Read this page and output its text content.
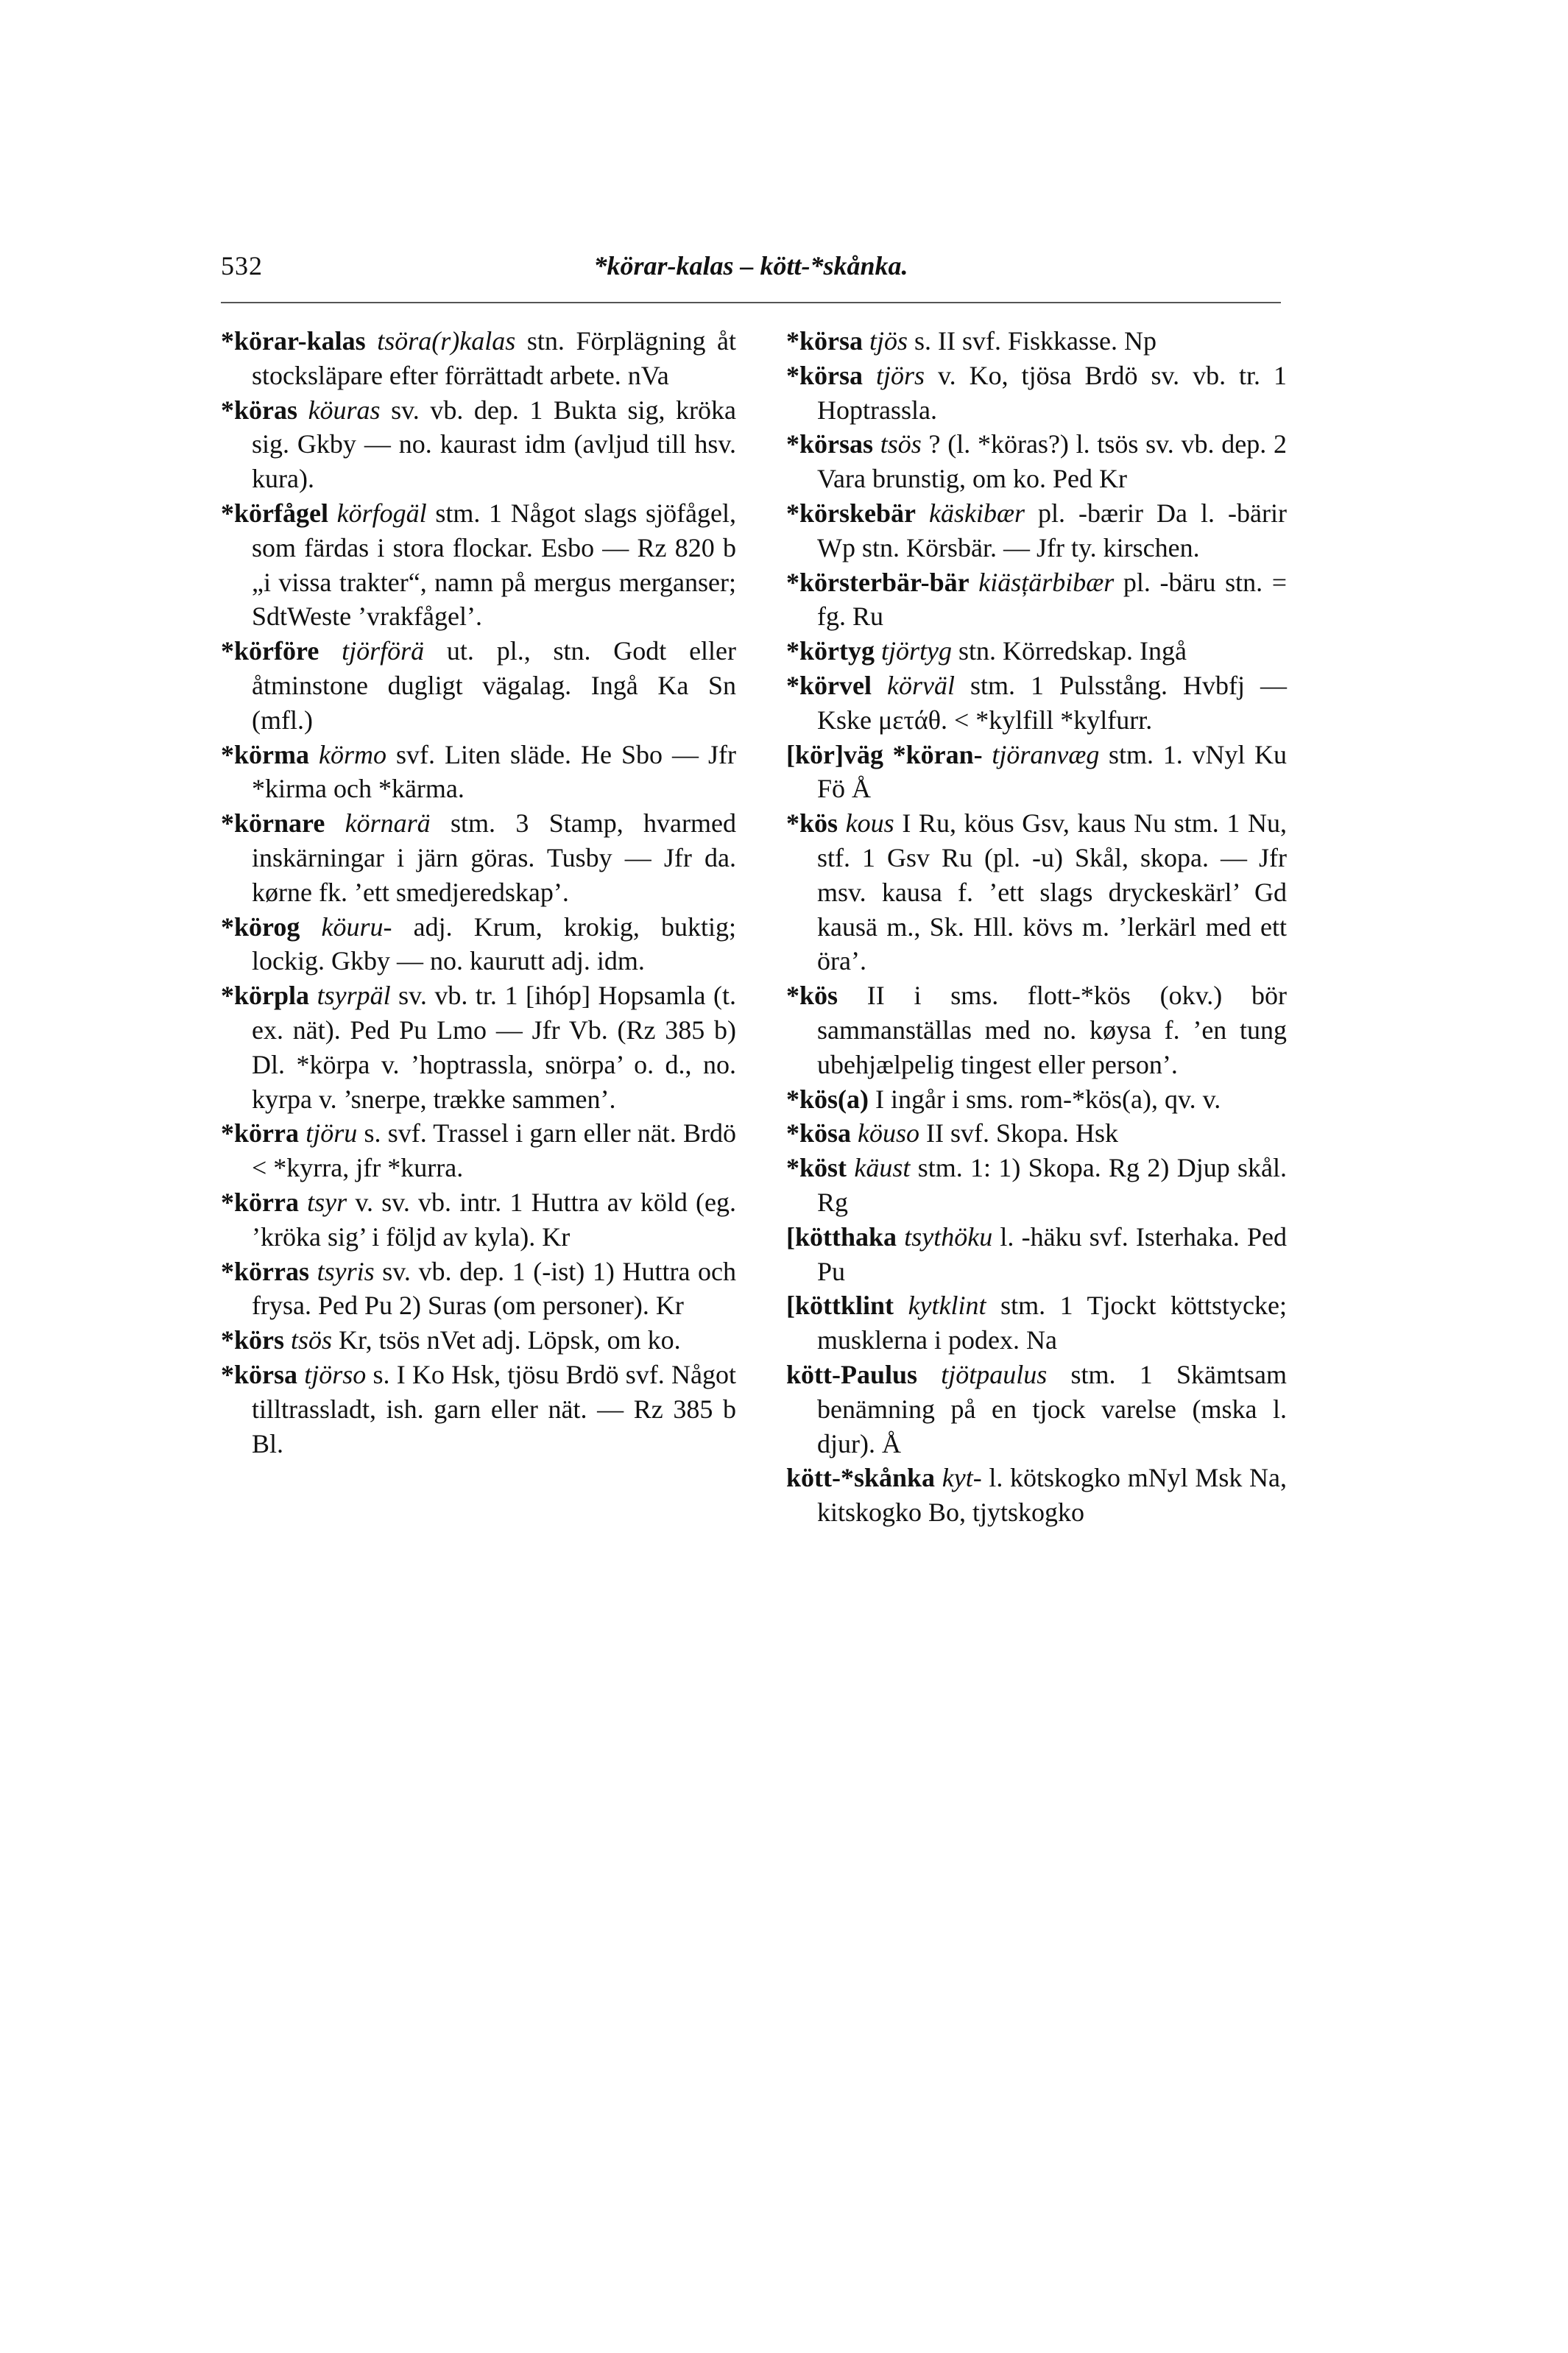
532	*körar-kalas – kött-*skånka.

*körar-kalas tsöra(r)kalas stn. Förplägning åt stocksläpare efter förrättadt arbete. nVa

*köras köuras sv. vb. dep. 1 Bukta sig, kröka sig. Gkby — no. kaurast idm (avljud till hsv. kura).

*körfågel körfogäl stm. 1 Något slags sjöfågel, som färdas i stora flockar. Esbo — Rz 820 b „i vissa trakter“, namn på mergus merganser; SdtWeste ’vrakfågel’.

*körföre tjörförä ut. pl., stn. Godt eller åtminstone dugligt vägalag. Ingå Ka Sn (mfl.)

*körma körmo svf. Liten släde. He Sbo — Jfr *kirma och *kärma.

*körnare körnarä stm. 3 Stamp, hvarmed inskärningar i järn göras. Tusby — Jfr da. kørne fk. ’ett smedjeredskap’.

*körog köuru- adj. Krum, krokig, buktig; lockig. Gkby — no. kaurutt adj. idm.

*körpla tsyrpäl sv. vb. tr. 1 [ihóp] Hopsamla (t. ex. nät). Ped Pu Lmo — Jfr Vb. (Rz 385 b) Dl. *körpa v. ’hoptrassla, snörpa’ o. d., no. kyrpa v. ’snerpe, trække sammen’.

*körra tjöru s. svf. Trassel i garn eller nät. Brdö < *kyrra, jfr *kurra.

*körra tsyr v. sv. vb. intr. 1 Huttra av köld (eg. ’kröka sig’ i följd av kyla). Kr

*körras tsyris sv. vb. dep. 1 (-ist) 1) Huttra och frysa. Ped Pu 2) Suras (om personer). Kr

*körs tsös Kr, tsös nVet adj. Löpsk, om ko.

*körsa tjörso s. I Ko Hsk, tjösu Brdö svf. Något tilltrassladt, ish. garn eller nät. — Rz 385 b Bl.

*körsa tjös s. II svf. Fiskkasse. Np

*körsa tjörs v. Ko, tjösa Brdö sv. vb. tr. 1 Hoptrassla.

*körsas tsös ? (l. *köras?) l. tsös sv. vb. dep. 2 Vara brunstig, om ko. Ped Kr

*körskebär käskibær pl. -bærir Da l. -bärir Wp stn. Körsbär. — Jfr ty. kirschen.

*körsterbär-bär kiäsțärbibær pl. -bäru stn. = fg. Ru

*körtyg tjörtyg stn. Körredskap. Ingå

*körvel körväl stm. 1 Pulsstång. Hvbfj — Kske μετάθ. < *kylfill *kylfurr.

[kör]väg *köran- tjöranvæg stm. 1. vNyl Ku Fö Å

*kös kous I Ru, köus Gsv, kaus Nu stm. 1 Nu, stf. 1 Gsv Ru (pl. -u) Skål, skopa. — Jfr msv. kausa f. ’ett slags dryckeskärl’ Gd kausä m., Sk. Hll. kövs m. ’lerkärl med ett öra’.

*kös II i sms. flott-*kös (okv.) bör sammanställas med no. køysa f. ’en tung ubehjælpelig tingest eller person’.

*kös(a) I ingår i sms. rom-*kös(a), qv. v.

*kösa köuso II svf. Skopa. Hsk

*köst käust stm. 1: 1) Skopa. Rg 2) Djup skål. Rg

[kötthaka tsythöku l. -häku svf. Isterhaka. Ped Pu

[köttklint kytklint stm. 1 Tjockt köttstycke; musklerna i podex. Na

kött-Paulus tjötpaulus stm. 1 Skämtsam benämning på en tjock varelse (mska l. djur). Å

kött-*skånka kyt- l. kötskogko mNyl Msk Na, kitskogko Bo, tjytskogko
